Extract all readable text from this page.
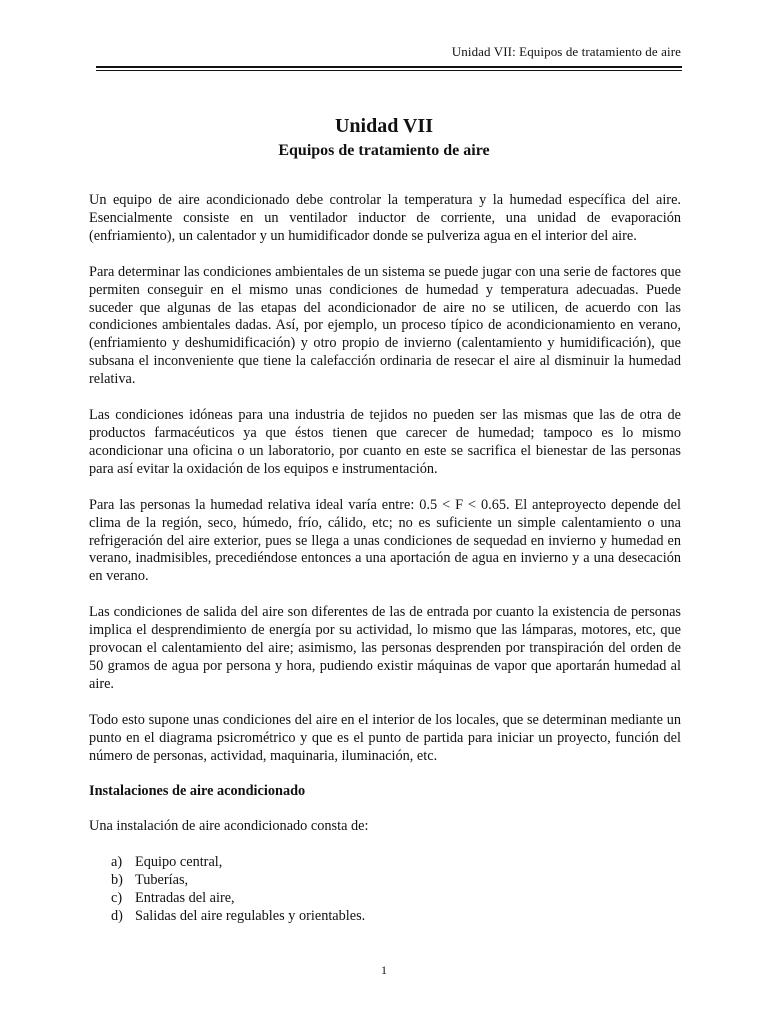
Unidad VII: Equipos de tratamiento de aire
Unidad VII
Equipos de tratamiento de aire

Un equipo de aire acondicionado debe controlar la temperatura y la humedad específica del aire. Esencialmente consiste en un ventilador inductor de corriente, una unidad de evaporación (enfriamiento), un calentador y un humidificador donde se pulveriza agua en el interior del aire.

Para determinar las condiciones ambientales de un sistema se puede jugar con una serie de factores que permiten conseguir en el mismo unas condiciones de humedad y temperatura adecuadas. Puede suceder que algunas de las etapas del acondicionador de aire no se utilicen, de acuerdo con las condiciones ambientales dadas. Así, por ejemplo, un proceso típico de acondicionamiento en verano, (enfriamiento y deshumidificación) y otro propio de invierno (calentamiento y humidificación), que subsana el inconveniente que tiene la calefacción ordinaria de resecar el aire al disminuir la humedad relativa.

Las condiciones idóneas para una industria de tejidos no pueden ser las mismas que las de otra de productos farmacéuticos ya que éstos tienen que carecer de humedad; tampoco es lo mismo acondicionar una oficina o un laboratorio, por cuanto en este se sacrifica el bienestar de las personas para así evitar la oxidación de los equipos e instrumentación.

Para las personas la humedad relativa ideal varía entre: 0.5 < F < 0.65. El anteproyecto depende del clima de la región, seco, húmedo, frío, cálido, etc; no es suficiente un simple calentamiento o una refrigeración del aire exterior, pues se llega a unas condiciones de sequedad en invierno y humedad en verano, inadmisibles, precediéndose entonces a una aportación de agua en invierno y a una desecación en verano.

Las condiciones de salida del aire son diferentes de las de entrada por cuanto la existencia de personas implica el desprendimiento de energía por su actividad, lo mismo que las lámparas, motores, etc, que provocan el calentamiento del aire; asimismo, las personas desprenden por transpiración del orden de 50 gramos de agua por persona y hora, pudiendo existir máquinas de vapor que aportarán humedad al aire.

Todo esto supone unas condiciones del aire en el interior de los locales, que se determinan mediante un punto en el diagrama psicrométrico y que es el punto de partida para iniciar un proyecto, función del número de personas, actividad, maquinaria, iluminación, etc.

Instalaciones de aire acondicionado

Una instalación de aire acondicionado consta de:

a) Equipo central,
b) Tuberías,
c) Entradas del aire,
d) Salidas del aire regulables y orientables.
1
